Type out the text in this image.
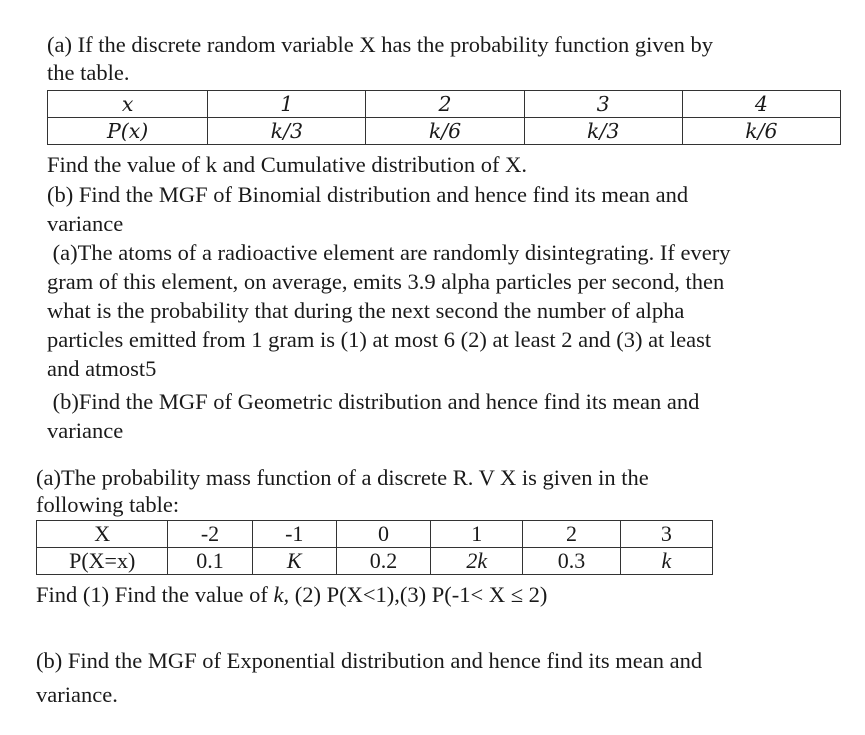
(a) If the discrete random variable X has the probability function given by
the table.
x	1	2	3	4
P(x)	k/3	k/6	k/3	k/6
Find the value of k and Cumulative distribution of X.
(b) Find the MGF of Binomial distribution and hence find its mean and
variance
(a)The atoms of a radioactive element are randomly disintegrating. If every
gram of this element, on average, emits 3.9 alpha particles per second, then
what is the probability that during the next second the number of alpha
particles emitted from 1 gram is (1) at most 6 (2) at least 2 and (3) at least
and atmost5
(b)Find the MGF of Geometric distribution and hence find its mean and
variance
(a)The probability mass function of a discrete R. V X is given in the
following table:
X	-2	-1	0	1	2	3
P(X=x)	0.1	K	0.2	2k	0.3	k
Find (1) Find the value of k, (2) P(X<1),(3) P(-1< X ≤ 2)
(b) Find the MGF of Exponential distribution and hence find its mean and
variance.
